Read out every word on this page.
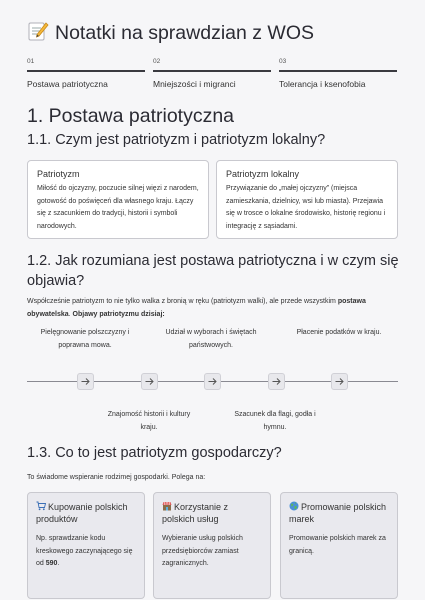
Notatki na sprawdzian z WOS
01
Postawa patriotyczna
02
Mniejszości i migranci
03
Tolerancja i ksenofobia
1. Postawa patriotyczna
1.1. Czym jest patriotyzm i patriotyzm lokalny?
Patriotyzm
Miłość do ojczyzny, poczucie silnej więzi z narodem, gotowość do poświęceń dla własnego kraju. Łączy się z szacunkiem do tradycji, historii i symboli narodowych.
Patriotyzm lokalny
Przywiązanie do „małej ojczyzny” (miejsca zamieszkania, dzielnicy, wsi lub miasta). Przejawia się w trosce o lokalne środowisko, historię regionu i integrację z sąsiadami.
1.2. Jak rozumiana jest postawa patriotyczna i w czym się objawia?
Współcześnie patriotyzm to nie tylko walka z bronią w ręku (patriotyzm walki), ale przede wszystkim postawa obywatelska. Objawy patriotyzmu dzisiaj:
Pielęgnowanie polszczyzny i poprawna mowa.
Udział w wyborach i świętach państwowych.
Płacenie podatków w kraju.
Znajomość historii i kultury kraju.
Szacunek dla flagi, godła i hymnu.
1.3. Co to jest patriotyzm gospodarczy?
To świadome wspieranie rodzimej gospodarki. Polega na:
Kupowanie polskich produktów
Np. sprawdzanie kodu kreskowego zaczynającego się od 590.
Korzystanie z polskich usług
Wybieranie usług polskich przedsiębiorców zamiast zagranicznych.
Promowanie polskich marek
Promowanie polskich marek za granicą.
